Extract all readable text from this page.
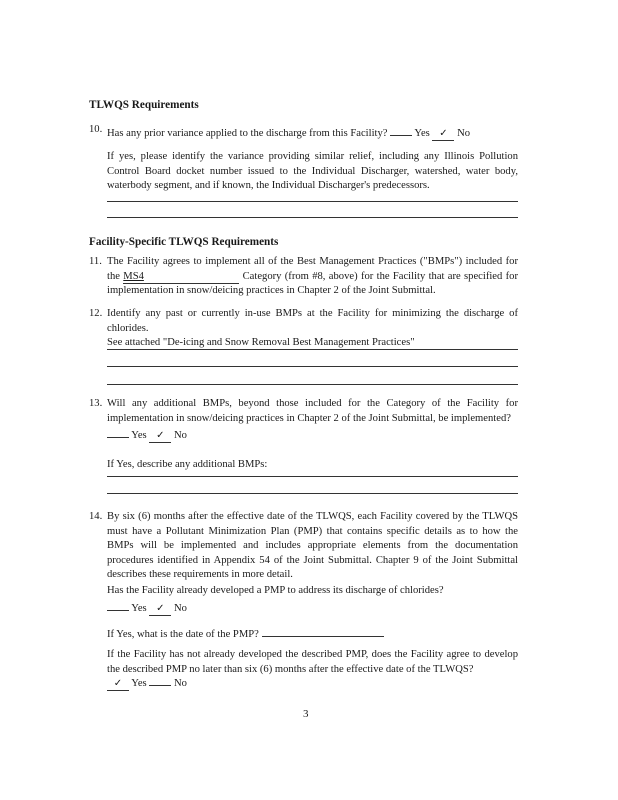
TLWQS Requirements
10. Has any prior variance applied to the discharge from this Facility?	Yes ✓ No
If yes, please identify the variance providing similar relief, including any Illinois Pollution Control Board docket number issued to the Individual Discharger, watershed, water body, waterbody segment, and if known, the Individual Discharger's predecessors.
Facility-Specific TLWQS Requirements
11. The Facility agrees to implement all of the Best Management Practices ("BMPs") included for the MS4	Category (from #8, above) for the Facility that are specified for implementation in snow/deicing practices in Chapter 2 of the Joint Submittal.
12. Identify any past or currently in-use BMPs at the Facility for minimizing the discharge of chlorides.
See attached "De-icing and Snow Removal Best Management Practices"
13. Will any additional BMPs, beyond those included for the Category of the Facility for implementation in snow/deicing practices in Chapter 2 of the Joint Submittal, be implemented?
Yes ✓ No
If Yes, describe any additional BMPs:
14. By six (6) months after the effective date of the TLWQS, each Facility covered by the TLWQS must have a Pollutant Minimization Plan (PMP) that contains specific details as to how the BMPs will be implemented and includes appropriate elements from the documentation procedures identified in Appendix 54 of the Joint Submittal. Chapter 9 of the Joint Submittal describes these requirements in more detail.
Has the Facility already developed a PMP to address its discharge of chlorides?
Yes ✓ No
If Yes, what is the date of the PMP?
If the Facility has not already developed the described PMP, does the Facility agree to develop the described PMP no later than six (6) months after the effective date of the TLWQS?
✓ Yes	No
3
